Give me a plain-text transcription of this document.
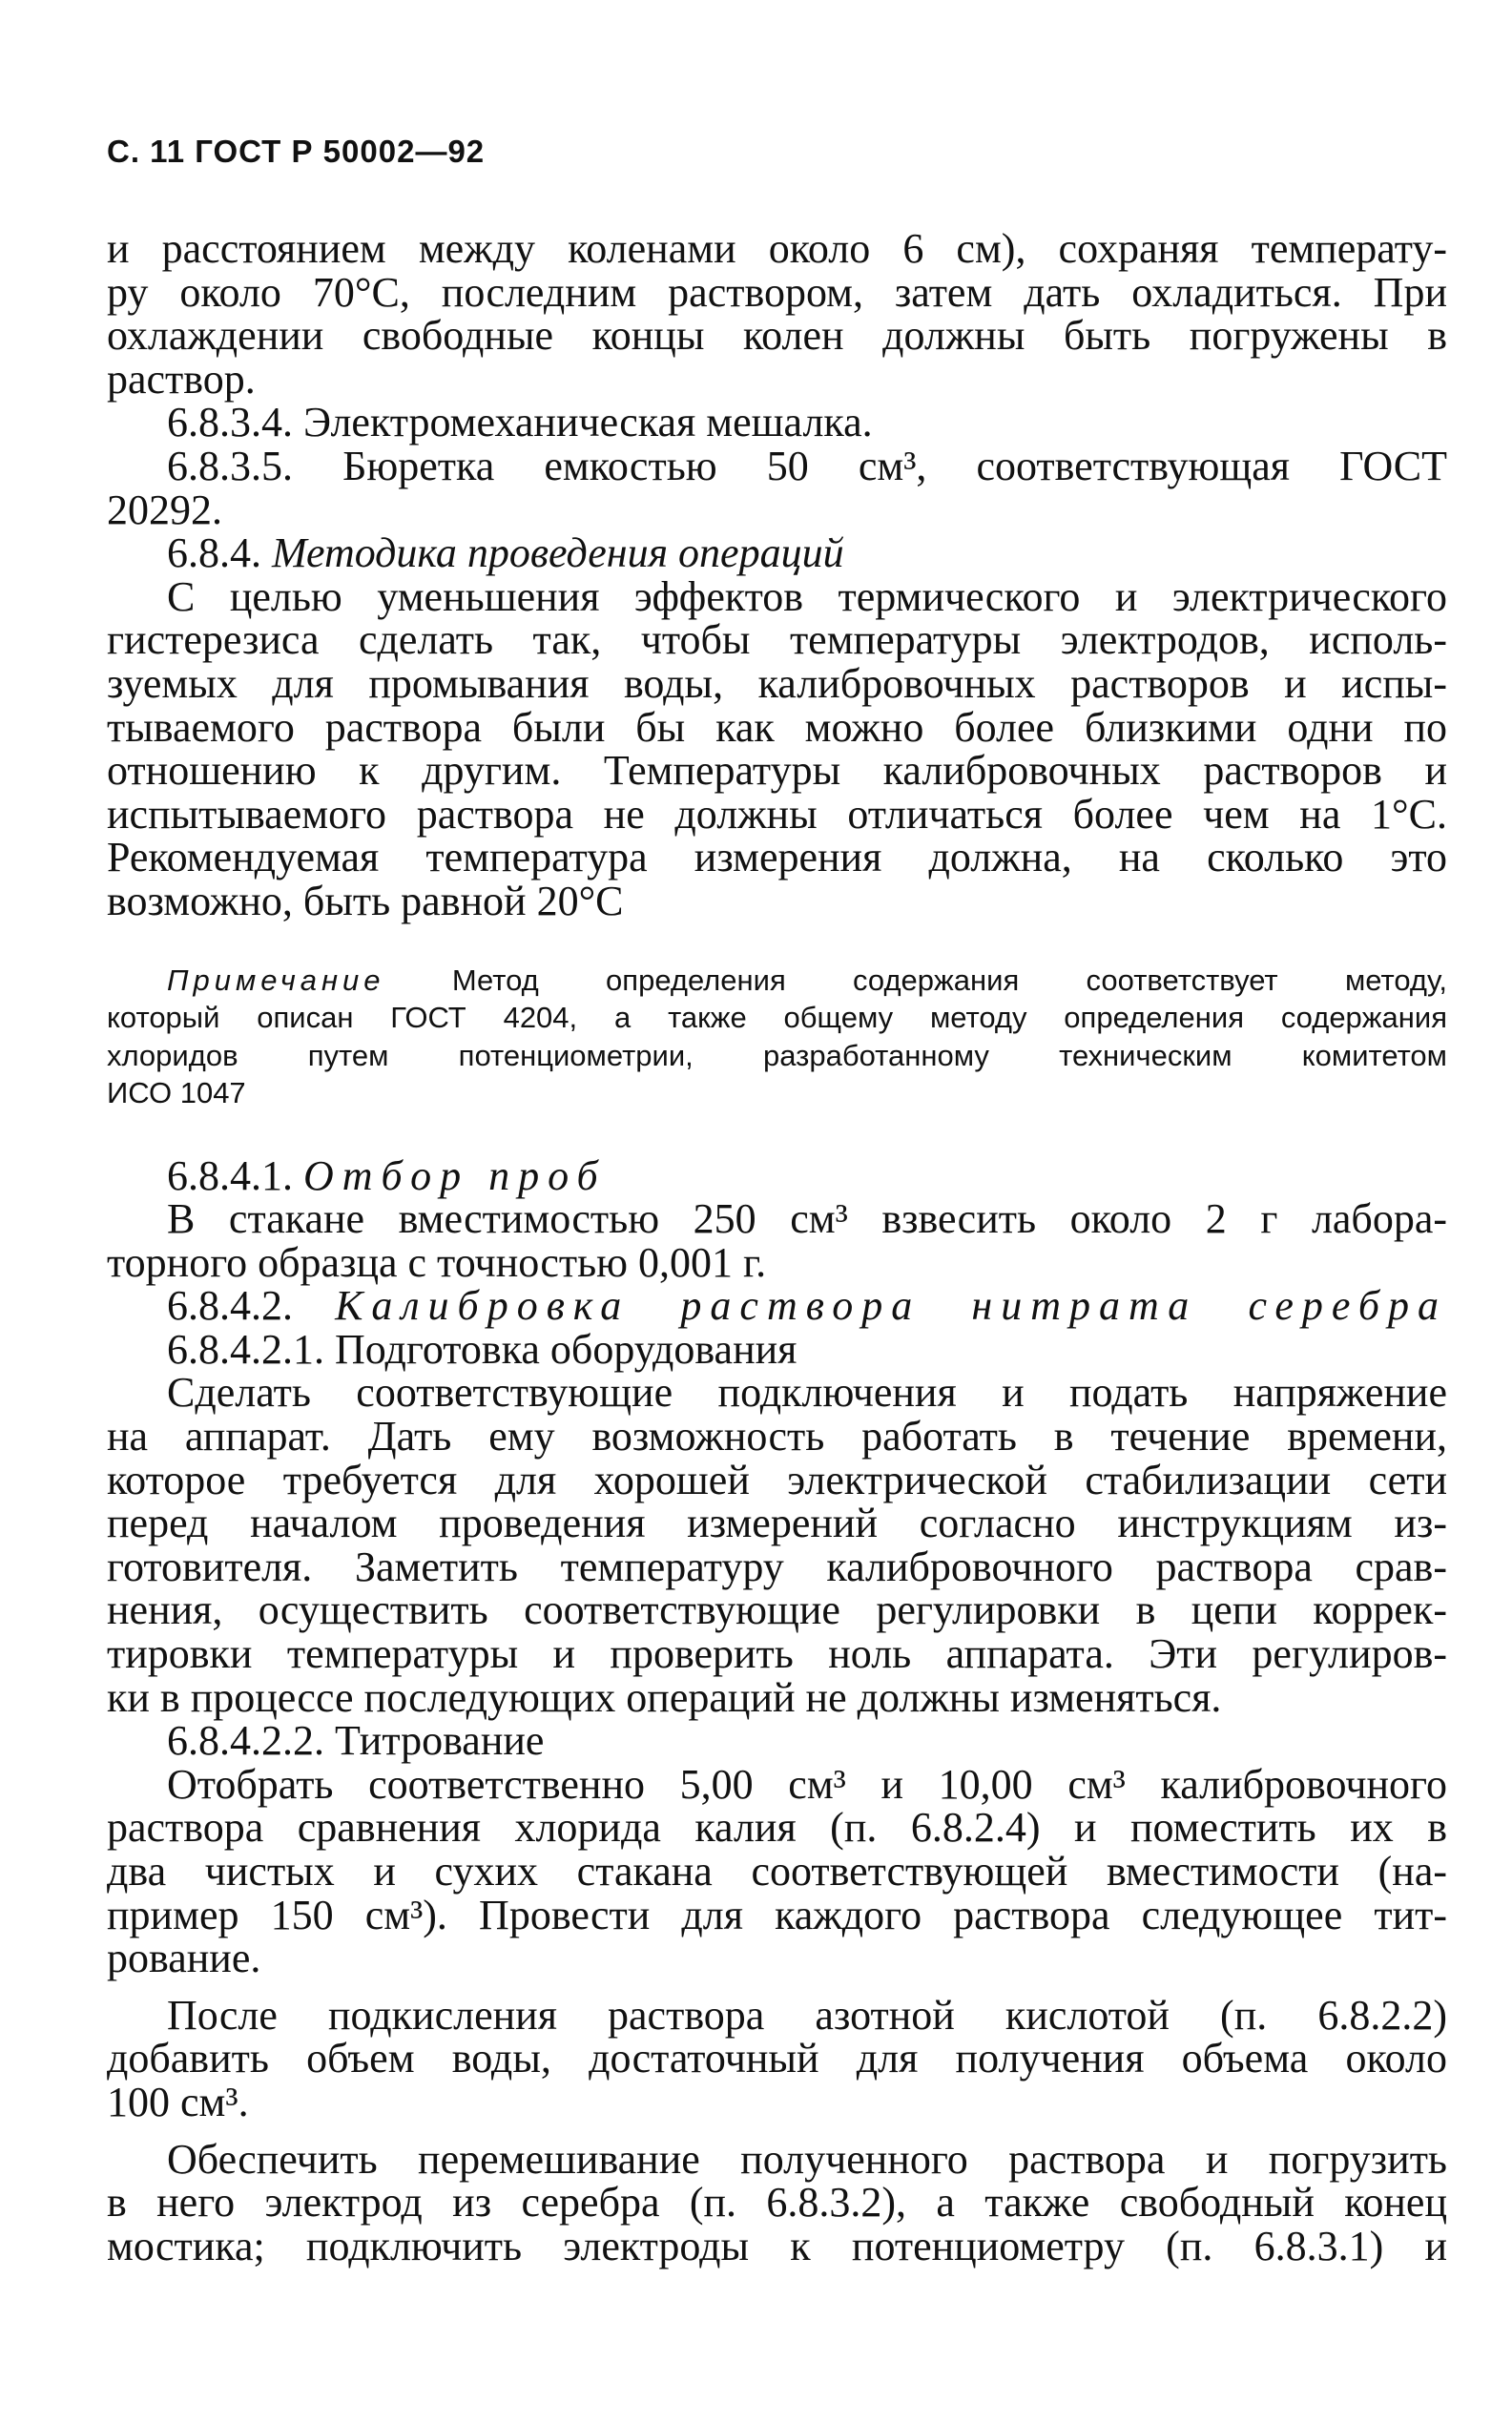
С. 11 ГОСТ Р 50002—92

и расстоянием между коленами около 6 см), сохраняя температу-

ру около 70°С, последним раствором, затем дать охладиться. При

охлаждении свободные концы колен должны быть погружены в

раствор.

6.8.3.4. Электромеханическая мешалка.

6.8.3.5. Бюретка емкостью 50 см³, соответствующая ГОСТ

20292.

6.8.4. Методика проведения операций

С целью уменьшения эффектов термического и электрического

гистерезиса сделать так, чтобы температуры электродов, исполь-

зуемых для промывания воды, калибровочных растворов и испы-

тываемого раствора были бы как можно более близкими одни по

отношению к другим. Температуры калибровочных растворов и

испытываемого раствора не должны отличаться более чем на 1°С.

Рекомендуемая температура измерения должна, на сколько это

возможно, быть равной 20°С

Примечание Метод определения содержания соответствует методу,

который описан ГОСТ 4204, а также общему методу определения содержания

хлоридов путем потенциометрии, разработанному техническим комитетом

ИСО 1047

6.8.4.1. Отбор проб

В стакане вместимостью 250 см³ взвесить около 2 г лабора-

торного образца с точностью 0,001 г.

6.8.4.2. Калибровка раствора нитрата серебра

6.8.4.2.1. Подготовка оборудования

Сделать соответствующие подключения и подать напряжение

на аппарат. Дать ему возможность работать в течение времени,

которое требуется для хорошей электрической стабилизации сети

перед началом проведения измерений согласно инструкциям из-

готовителя. Заметить температуру калибровочного раствора срав-

нения, осуществить соответствующие регулировки в цепи коррек-

тировки температуры и проверить ноль аппарата. Эти регулиров-

ки в процессе последующих операций не должны изменяться.

6.8.4.2.2. Титрование

Отобрать соответственно 5,00 см³ и 10,00 см³ калибровочного

раствора сравнения хлорида калия (п. 6.8.2.4) и поместить их в

два чистых и сухих стакана соответствующей вместимости (на-

пример 150 см³). Провести для каждого раствора следующее тит-

рование.

После подкисления раствора азотной кислотой (п. 6.8.2.2)

добавить объем воды, достаточный для получения объема около

100 см³.

Обеспечить перемешивание полученного раствора и погрузить

в него электрод из серебра (п. 6.8.3.2), а также свободный конец

мостика; подключить электроды к потенциометру (п. 6.8.3.1) и
